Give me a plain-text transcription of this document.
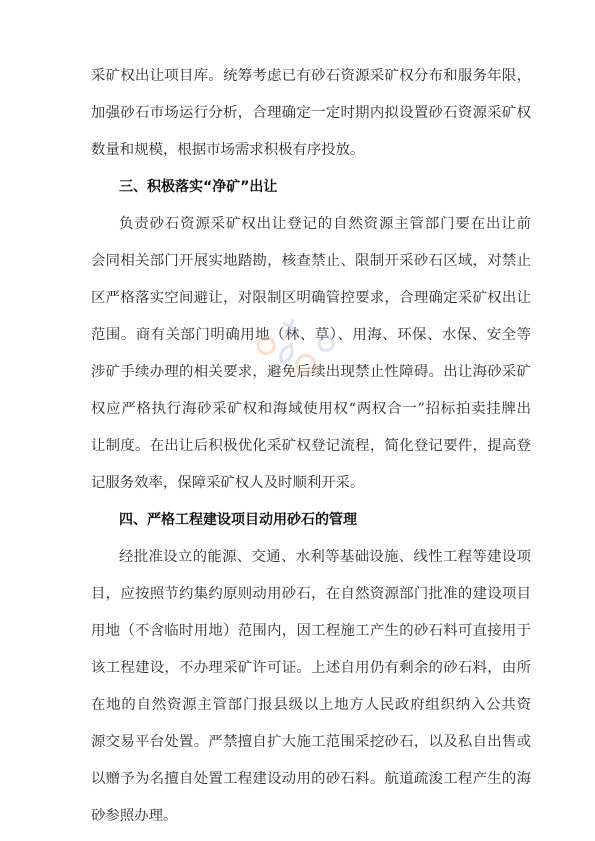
采矿权出让项目库。统筹考虑已有砂石资源采矿权分布和服务年限，
加强砂石市场运行分析，合理确定一定时期内拟设置砂石资源采矿权
数量和规模，根据市场需求积极有序投放。
三、积极落实“净矿”出让
负责砂石资源采矿权出让登记的自然资源主管部门要在出让前
会同相关部门开展实地踏勘，核查禁止、限制开采砂石区域，对禁止
区严格落实空间避让，对限制区明确管控要求，合理确定采矿权出让
范围。商有关部门明确用地（林、草）、用海、环保、水保、安全等
涉矿手续办理的相关要求，避免后续出现禁止性障碍。出让海砂采矿
权应严格执行海砂采矿权和海域使用权“两权合一”招标拍卖挂牌出
让制度。在出让后积极优化采矿权登记流程，简化登记要件，提高登
记服务效率，保障采矿权人及时顺利开采。
四、严格工程建设项目动用砂石的管理
经批准设立的能源、交通、水利等基础设施、线性工程等建设项
目，应按照节约集约原则动用砂石，在自然资源部门批准的建设项目
用地（不含临时用地）范围内，因工程施工产生的砂石料可直接用于
该工程建设，不办理采矿许可证。上述自用仍有剩余的砂石料，由所
在地的自然资源主管部门报县级以上地方人民政府组织纳入公共资
源交易平台处置。严禁擅自扩大施工范围采挖砂石，以及私自出售或
以赠予为名擅自处置工程建设动用的砂石料。航道疏浚工程产生的海
砂参照办理。
